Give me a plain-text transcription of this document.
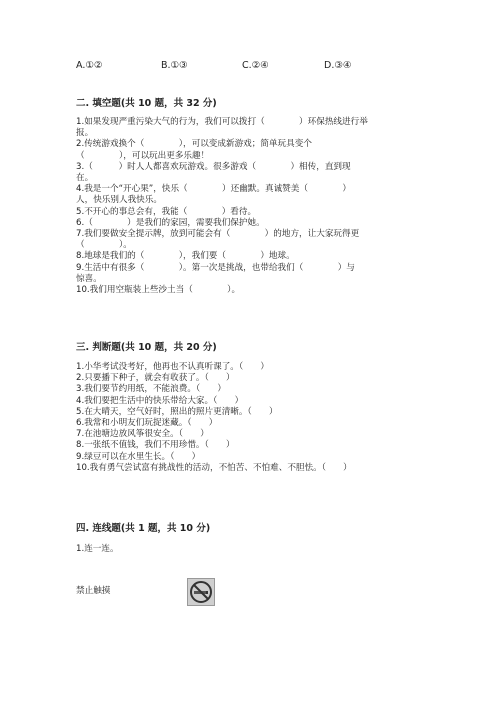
A.①②	B.①③	C.②④	D.③④
二. 填空题(共 10 题，共 32 分)
1.如果发现严重污染大气的行为，我们可以拨打（　　　　）环保热线进行举
报。
2.传统游戏换个（　　　　），可以变成新游戏；简单玩具变个
（　　　　），可以玩出更多乐趣！
3.（　　　）时人人都喜欢玩游戏。很多游戏（　　　　）相传，直到现
在。
4.我是一个“开心果”，快乐（　　　　）还幽默。真诚赞美（　　　　）
人，快乐别人我快乐。
5.不开心的事总会有，我能（　　　　）看待。
6.（　　　　）是我们的家园，需要我们保护她。
7.我们要做安全提示牌，放到可能会有（　　　　）的地方，让大家玩得更
（　　　　）。
8.地球是我们的（　　　　），我们要（　　　　）地球。
9.生活中有很多（　　　　）。第一次是挑战，也带给我们（　　　　）与
惊喜。
10.我们用空瓶装上些沙土当（　　　　）。
三. 判断题(共 10 题，共 20 分)
1.小华考试没考好，他再也不认真听课了。（　　）
2.只要播下种子，就会有收获了。（　　）
3.我们要节约用纸，不能浪费。（　　）
4.我们要把生活中的快乐带给大家。（　　）
5.在大晴天，空气好时，照出的照片更清晰。（　　）
6.我常和小明友们玩捉迷藏。（　　）
7.在池塘边放风筝很安全。（　　）
8.一张纸不值钱，我们不用珍惜。（　　）
9.绿豆可以在水里生长。（　　）
10.我有勇气尝试富有挑战性的活动，不怕苦、不怕难、不胆怯。（　　）
四. 连线题(共 1 题，共 10 分)
1.连一连。
禁止触摸
